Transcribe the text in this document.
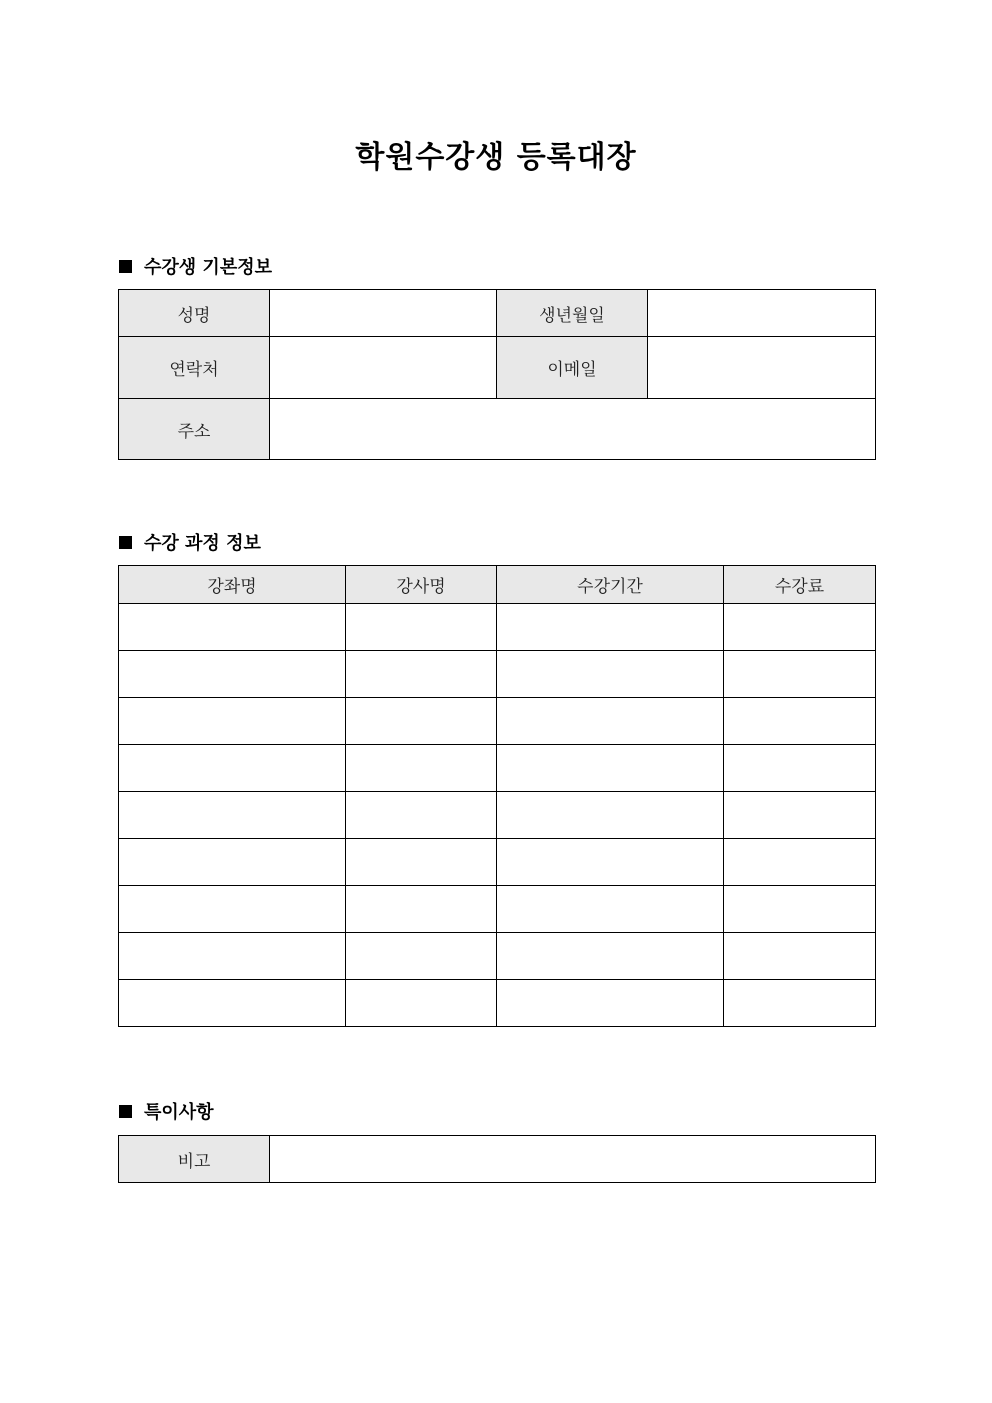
학원수강생 등록대장
수강생 기본정보
성명		생년월일	
연락처		이메일	
주소			
수강 과정 정보
강좌명	강사명	수강기간	수강료

특이사항
비고	
